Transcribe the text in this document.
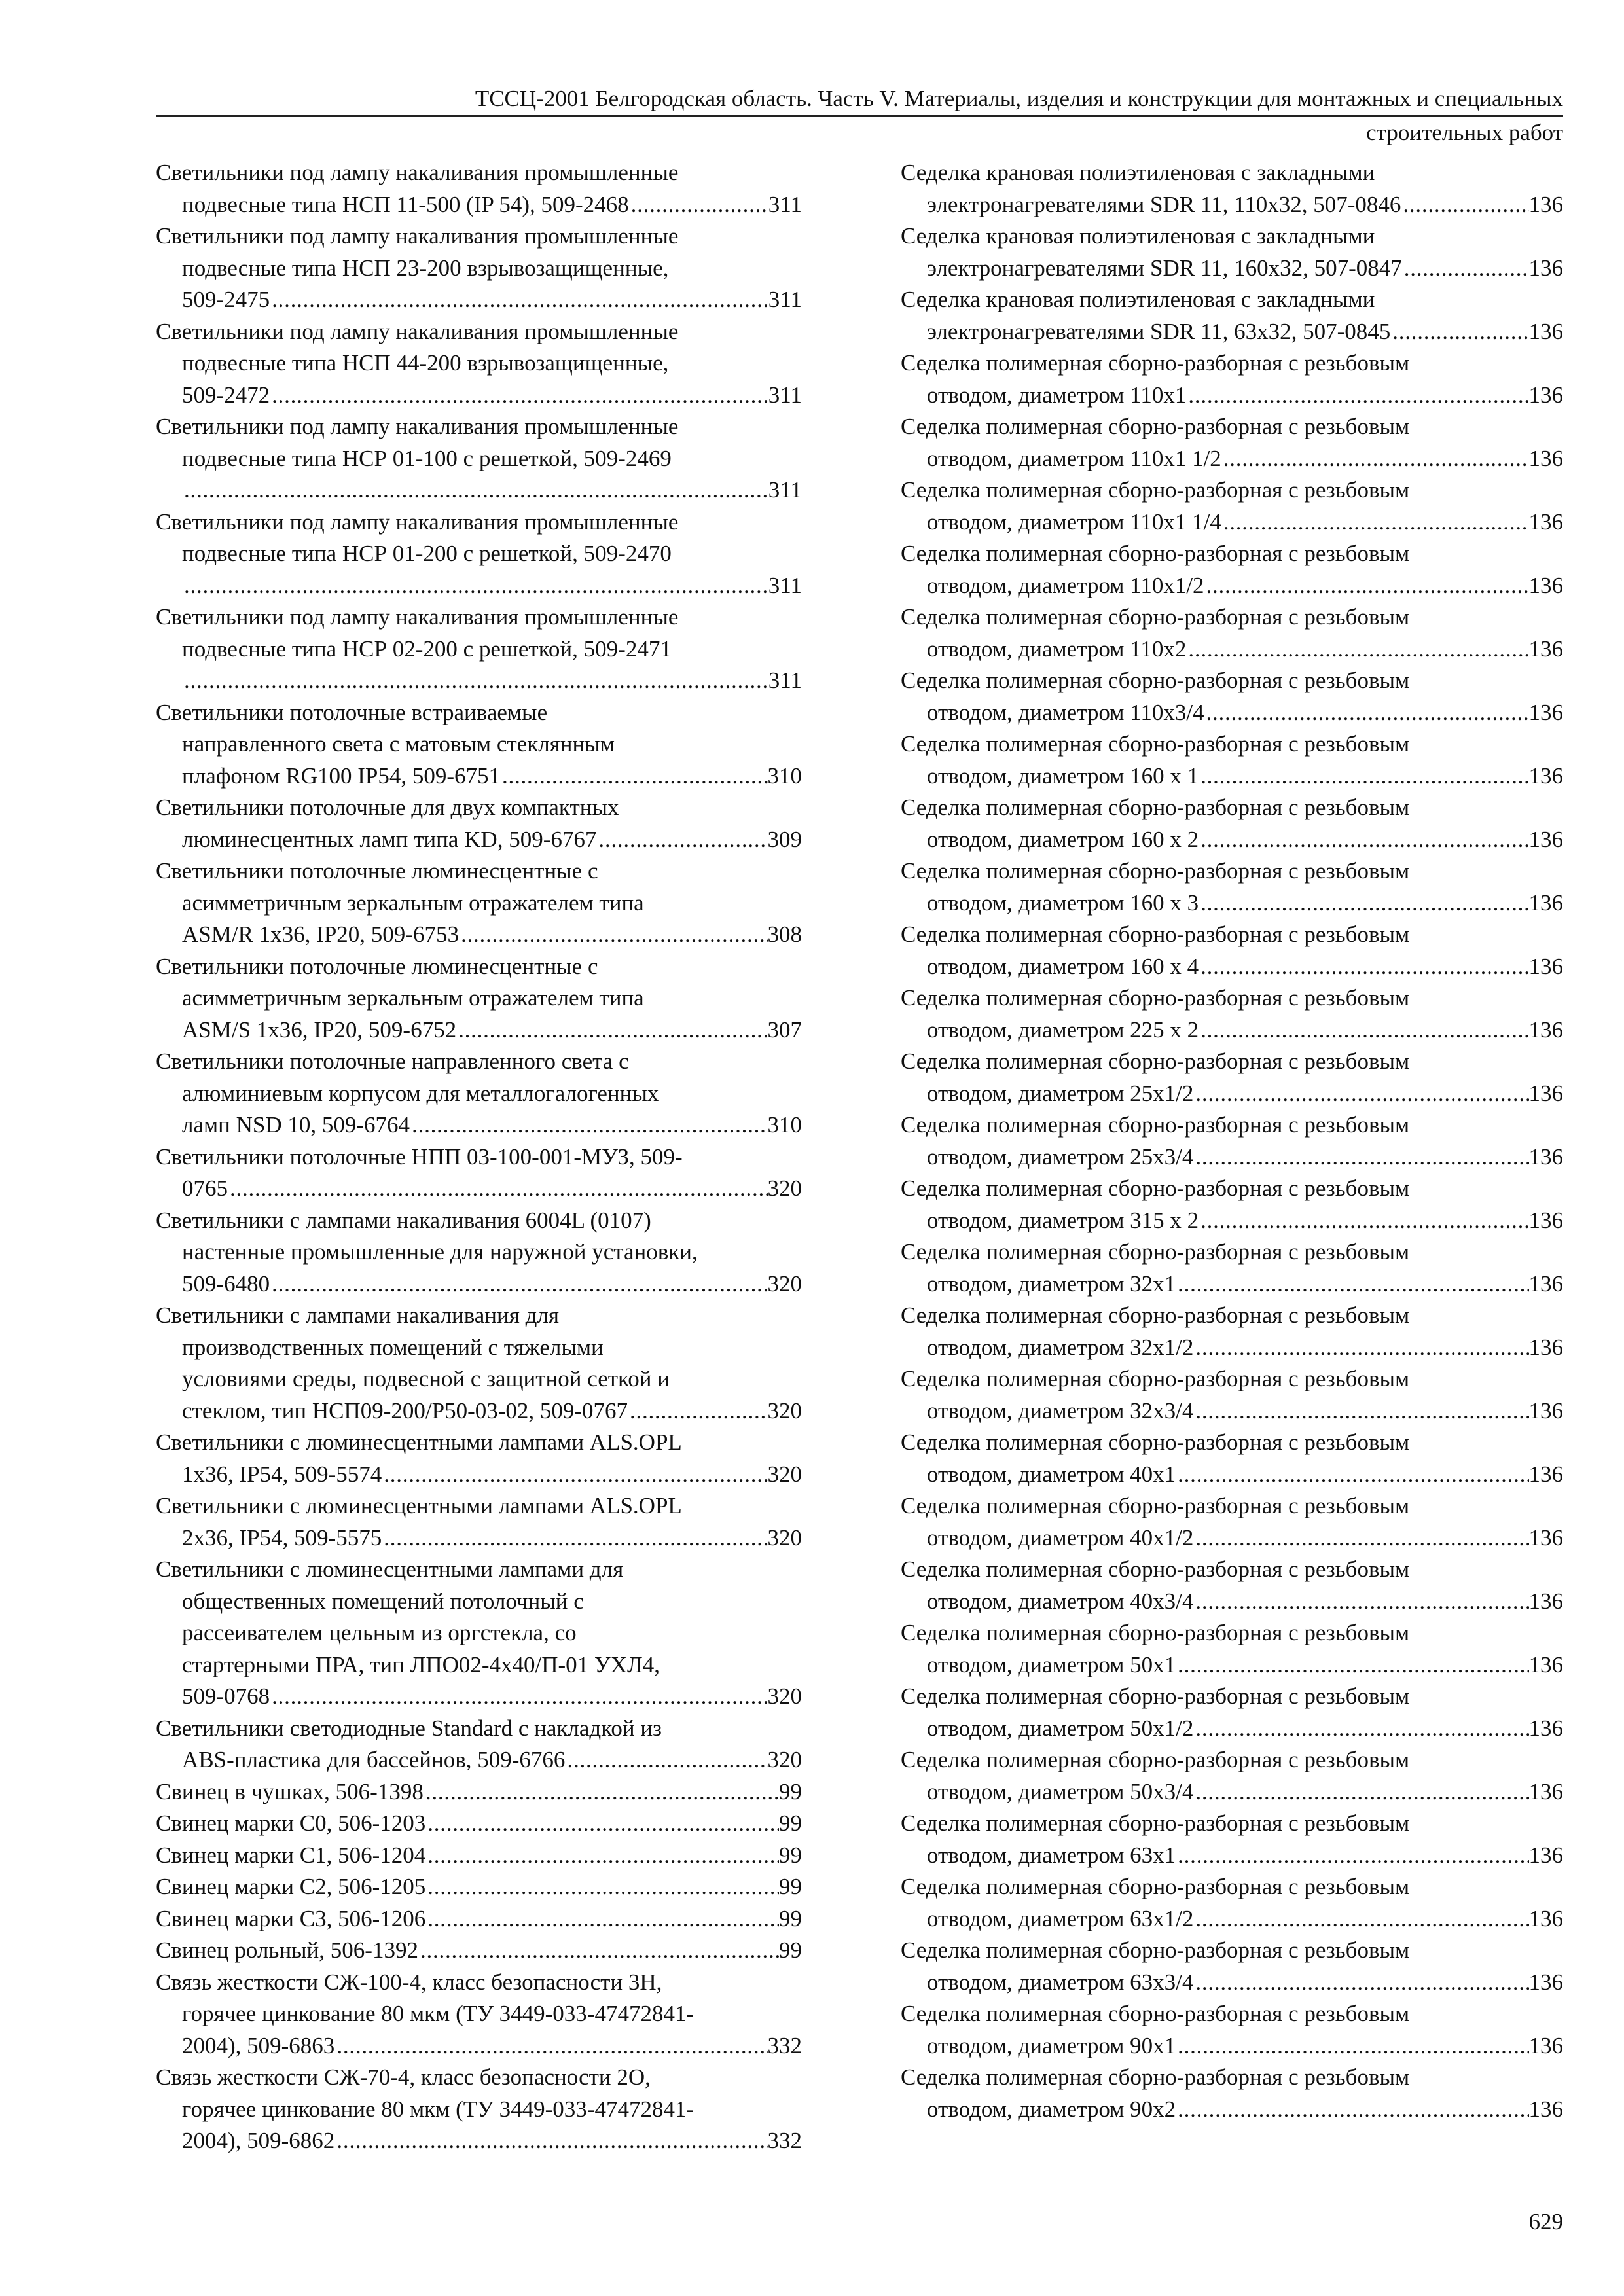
ТССЦ-2001 Белгородская область. Часть V. Материалы, изделия и конструкции для монтажных и специальных
строительных работ
Светильники под лампу накаливания промышленные
подвесные типа НСП 11-500 (IP 54), 509-2468 . . .	311
Светильники под лампу накаливания промышленные
подвесные типа НСП 23-200 взрывозащищенные,
509-2475 . . .	311
Светильники под лампу накаливания промышленные
подвесные типа НСП 44-200 взрывозащищенные,
509-2472 . . .	311
Светильники под лампу накаливания промышленные
подвесные типа НСР 01-100 с решеткой, 509-2469
. . .
311
Светильники под лампу накаливания промышленные
подвесные типа НСР 01-200 с решеткой, 509-2470
. . .
311
Светильники под лампу накаливания промышленные
подвесные типа НСР 02-200 с решеткой, 509-2471
. . .
311
Светильники потолочные встраиваемые
направленного света с матовым стеклянным
плафоном RG100 IP54, 509-6751 . . .	310
Светильники потолочные для двух компактных
люминесцентных ламп типа KD, 509-6767 . . .	309
Светильники потолочные люминесцентные с
асимметричным зеркальным отражателем типа
ASM/R 1x36, IP20, 509-6753 . . .	308
Светильники потолочные люминесцентные с
асимметричным зеркальным отражателем типа
ASM/S 1x36, IP20, 509-6752 . . .	307
Светильники потолочные направленного света с
алюминиевым корпусом для металлогалогенных
ламп NSD 10, 509-6764 . . .	310
Светильники потолочные НПП 03-100-001-МУЗ, 509-
0765 . . .	320
Светильники с лампами накаливания 6004L (0107)
настенные промышленные для наружной установки,
509-6480 . . .	320
Светильники с лампами накаливания для
производственных помещений с тяжелыми
условиями среды, подвесной с защитной сеткой и
стеклом, тип НСП09-200/Р50-03-02, 509-0767 . . .	320
Светильники с люминесцентными лампами ALS.OPL
1x36, IP54, 509-5574 . . .	320
Светильники с люминесцентными лампами ALS.OPL
2x36, IP54, 509-5575 . . .	320
Светильники с люминесцентными лампами для
общественных помещений потолочный с
рассеивателем цельным из оргстекла, со
стартерными ПРА, тип ЛПО02-4х40/П-01 УХЛ4,
509-0768 . . .	320
Светильники светодиодные Standard с накладкой из
ABS-пластика для бассейнов, 509-6766 . . .	320
Свинец в чушках, 506-1398 . . .	99
Свинец марки С0, 506-1203 . . .	99
Свинец марки С1, 506-1204 . . .	99
Свинец марки С2, 506-1205 . . .	99
Свинец марки С3, 506-1206 . . .	99
Свинец рольный, 506-1392 . . .	99
Связь жесткости СЖ-100-4, класс безопасности 3Н,
горячее цинкование 80 мкм (ТУ 3449-033-47472841-
2004), 509-6863 . . .	332
Связь жесткости СЖ-70-4, класс безопасности 2О,
горячее цинкование 80 мкм (ТУ 3449-033-47472841-
2004), 509-6862 . . .	332
Седелка крановая полиэтиленовая с закладными
электронагревателями SDR 11, 110x32, 507-0846 . . .	136
Седелка крановая полиэтиленовая с закладными
электронагревателями SDR 11, 160x32, 507-0847 . . .	136
Седелка крановая полиэтиленовая с закладными
электронагревателями SDR 11, 63x32, 507-0845 . . .	136
Седелка полимерная сборно-разборная с резьбовым
отводом, диаметром 110x1 . . .	136
Седелка полимерная сборно-разборная с резьбовым
отводом, диаметром 110x1 1/2 . . .	136
Седелка полимерная сборно-разборная с резьбовым
отводом, диаметром 110x1 1/4 . . .	136
Седелка полимерная сборно-разборная с резьбовым
отводом, диаметром 110x1/2 . . .	136
Седелка полимерная сборно-разборная с резьбовым
отводом, диаметром 110x2 . . .	136
Седелка полимерная сборно-разборная с резьбовым
отводом, диаметром 110x3/4 . . .	136
Седелка полимерная сборно-разборная с резьбовым
отводом, диаметром 160 x 1 . . .	136
Седелка полимерная сборно-разборная с резьбовым
отводом, диаметром 160 x 2 . . .	136
Седелка полимерная сборно-разборная с резьбовым
отводом, диаметром 160 x 3 . . .	136
Седелка полимерная сборно-разборная с резьбовым
отводом, диаметром 160 x 4 . . .	136
Седелка полимерная сборно-разборная с резьбовым
отводом, диаметром 225 x 2 . . .	136
Седелка полимерная сборно-разборная с резьбовым
отводом, диаметром 25x1/2 . . .	136
Седелка полимерная сборно-разборная с резьбовым
отводом, диаметром 25x3/4 . . .	136
Седелка полимерная сборно-разборная с резьбовым
отводом, диаметром 315 x 2 . . .	136
Седелка полимерная сборно-разборная с резьбовым
отводом, диаметром 32x1 . . .	136
Седелка полимерная сборно-разборная с резьбовым
отводом, диаметром 32x1/2 . . .	136
Седелка полимерная сборно-разборная с резьбовым
отводом, диаметром 32x3/4 . . .	136
Седелка полимерная сборно-разборная с резьбовым
отводом, диаметром 40x1 . . .	136
Седелка полимерная сборно-разборная с резьбовым
отводом, диаметром 40x1/2 . . .	136
Седелка полимерная сборно-разборная с резьбовым
отводом, диаметром 40x3/4 . . .	136
Седелка полимерная сборно-разборная с резьбовым
отводом, диаметром 50x1 . . .	136
Седелка полимерная сборно-разборная с резьбовым
отводом, диаметром 50x1/2 . . .	136
Седелка полимерная сборно-разборная с резьбовым
отводом, диаметром 50x3/4 . . .	136
Седелка полимерная сборно-разборная с резьбовым
отводом, диаметром 63x1 . . .	136
Седелка полимерная сборно-разборная с резьбовым
отводом, диаметром 63x1/2 . . .	136
Седелка полимерная сборно-разборная с резьбовым
отводом, диаметром 63x3/4 . . .	136
Седелка полимерная сборно-разборная с резьбовым
отводом, диаметром 90x1 . . .	136
Седелка полимерная сборно-разборная с резьбовым
отводом, диаметром 90x2 . . .	136
629
